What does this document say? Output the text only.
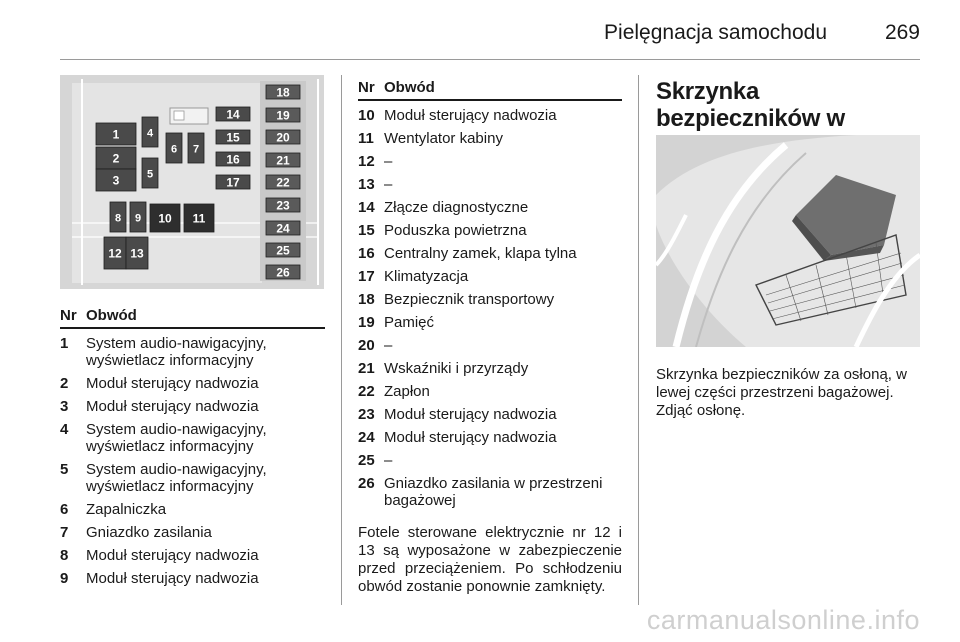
Pielęgnacja samochodu	269
1
2
3
4
5
6 7
8 9 10 11
12 13
14
15
16
17
18
19
20
21
22
23
24
25
26
Nr	Obwód
1	System audio-nawigacyjny, wyświetlacz informacyjny
2	Moduł sterujący nadwozia
3	Moduł sterujący nadwozia
4	System audio-nawigacyjny, wyświetlacz informacyjny
5	System audio-nawigacyjny, wyświetlacz informacyjny
6	Zapalniczka
7	Gniazdko zasilania
8	Moduł sterujący nadwozia
9	Moduł sterujący nadwozia
Nr	Obwód
10	Moduł sterujący nadwozia
11	Wentylator kabiny
12	–
13	–
14	Złącze diagnostyczne
15	Poduszka powietrzna
16	Centralny zamek, klapa tylna
17	Klimatyzacja
18	Bezpiecznik transportowy
19	Pamięć
20	–
21	Wskaźniki i przyrządy
22	Zapłon
23	Moduł sterujący nadwozia
24	Moduł sterujący nadwozia
25	–
26	Gniazdko zasilania w przestrzeni bagażowej
Fotele sterowane elektrycznie nr 12 i 13 są wyposażone w zabezpieczenie przed przeciążeniem. Po schłodzeniu obwód zostanie ponownie zamknięty.
Skrzynka bezpieczników w
Skrzynka bezpieczników za osłoną, w lewej części przestrzeni bagażowej. Zdjąć osłonę.
carmanualsonline.info
